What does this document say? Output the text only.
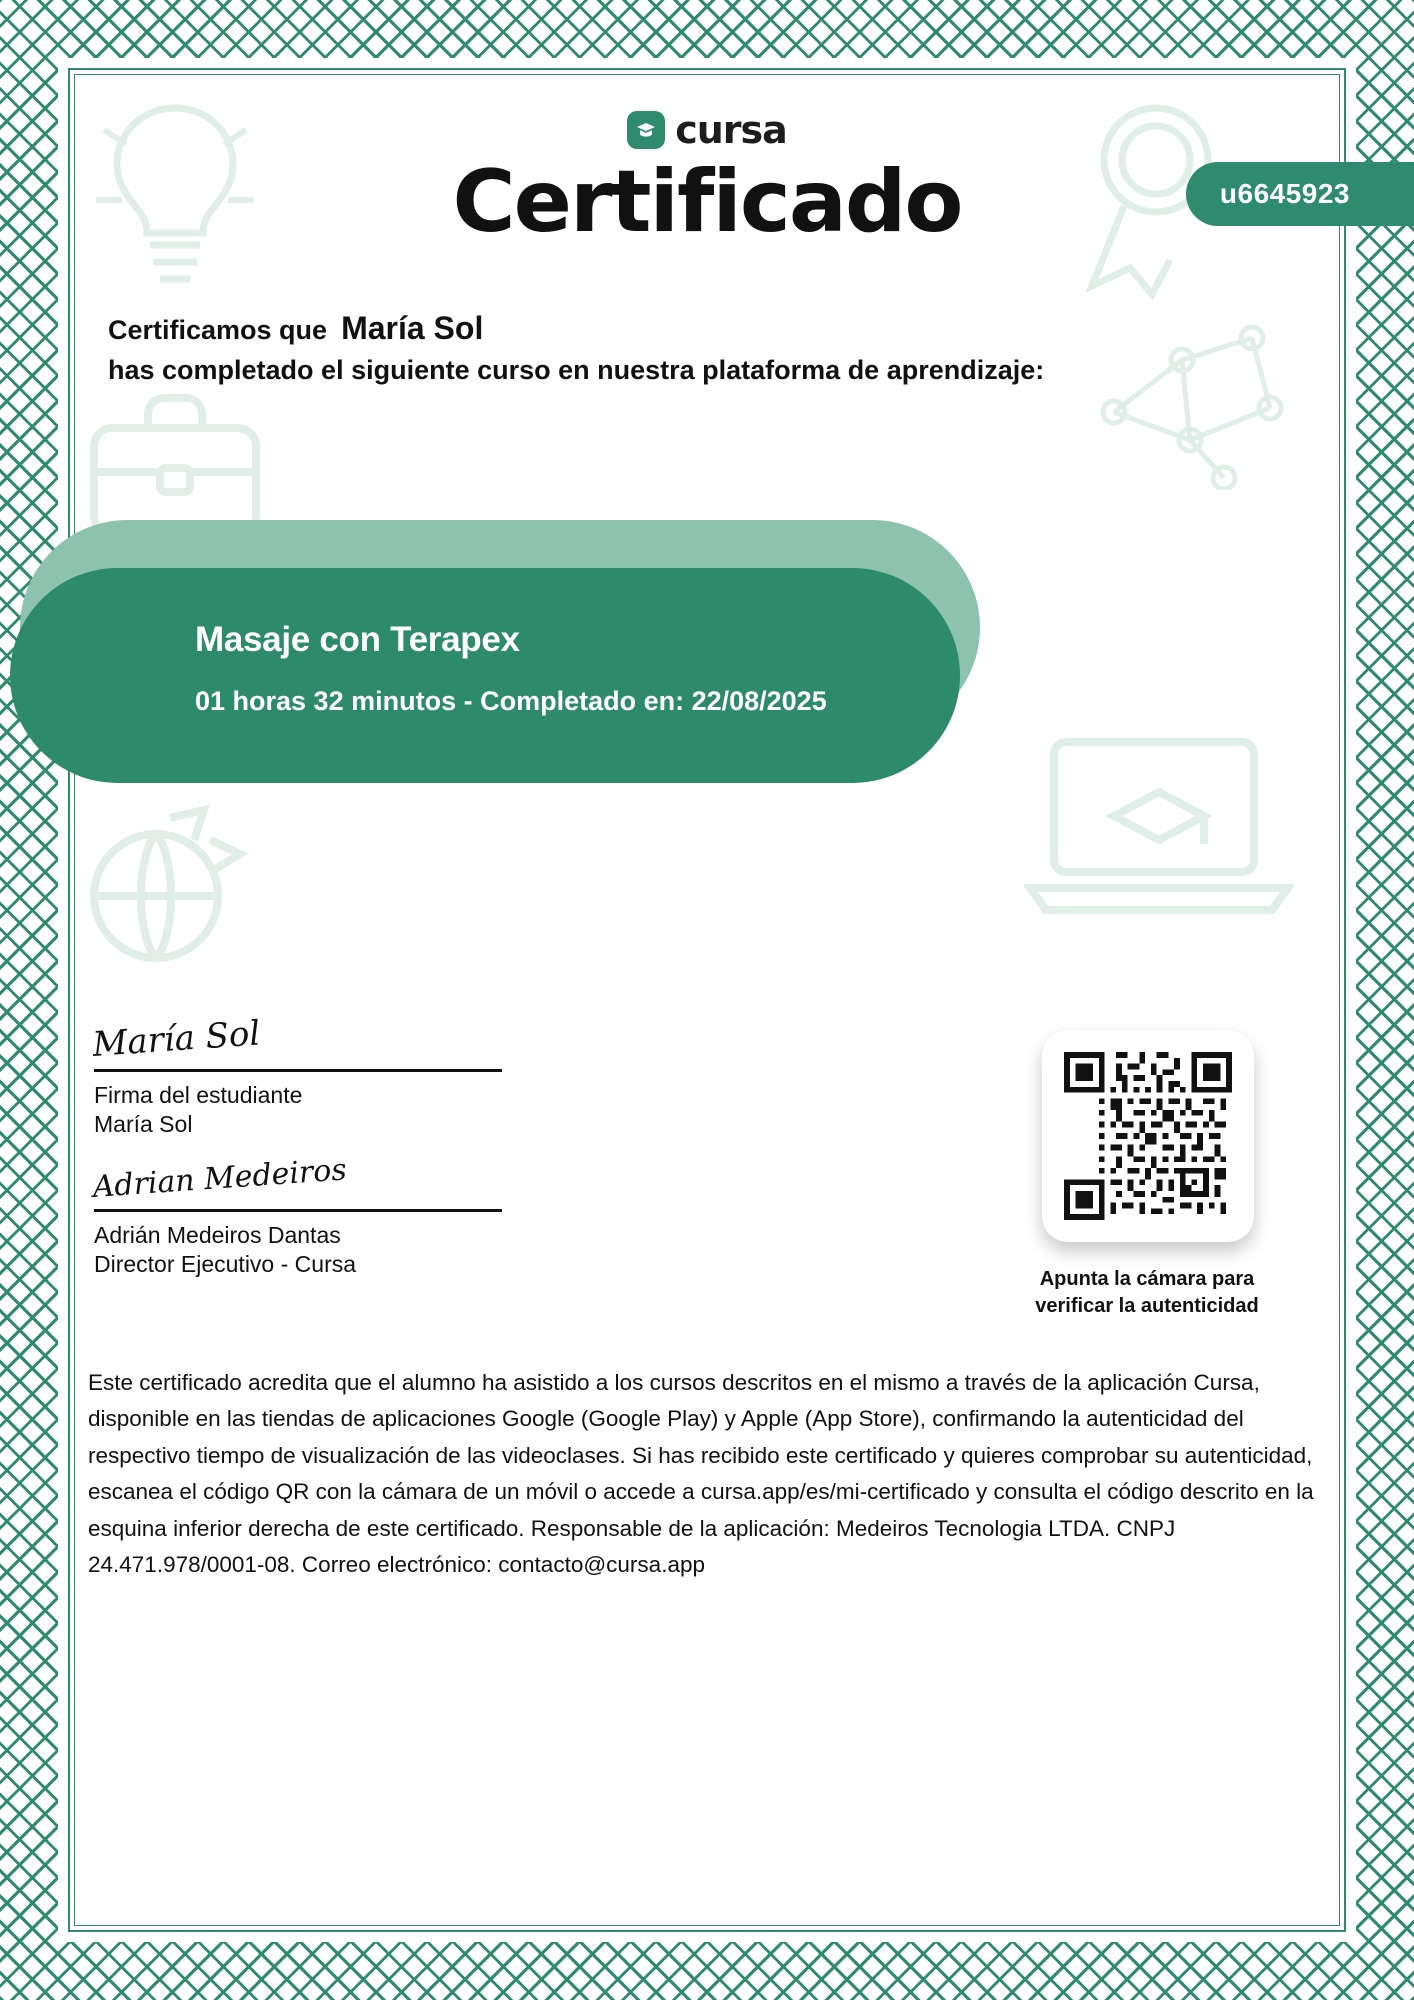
cursa
Certificado	u6645923
Certificamos que María Sol
has completado el siguiente curso en nuestra plataforma de aprendizaje:
Masaje con Terapex
01 horas 32 minutos - Completado en: 22/08/2025
María Sol
Firma del estudiante
María Sol
Adrian Medeiros
Adrián Medeiros Dantas
Director Ejecutivo - Cursa
Apunta la cámara para
verificar la autenticidad
Este certificado acredita que el alumno ha asistido a los cursos descritos en el mismo a través de la aplicación Cursa, disponible en las tiendas de aplicaciones Google (Google Play) y Apple (App Store), confirmando la autenticidad del respectivo tiempo de visualización de las videoclases. Si has recibido este certificado y quieres comprobar su autenticidad, escanea el código QR con la cámara de un móvil o accede a cursa.app/es/mi-certificado y consulta el código descrito en la esquina inferior derecha de este certificado. Responsable de la aplicación: Medeiros Tecnologia LTDA. CNPJ 24.471.978/0001-08. Correo electrónico: contacto@cursa.app
